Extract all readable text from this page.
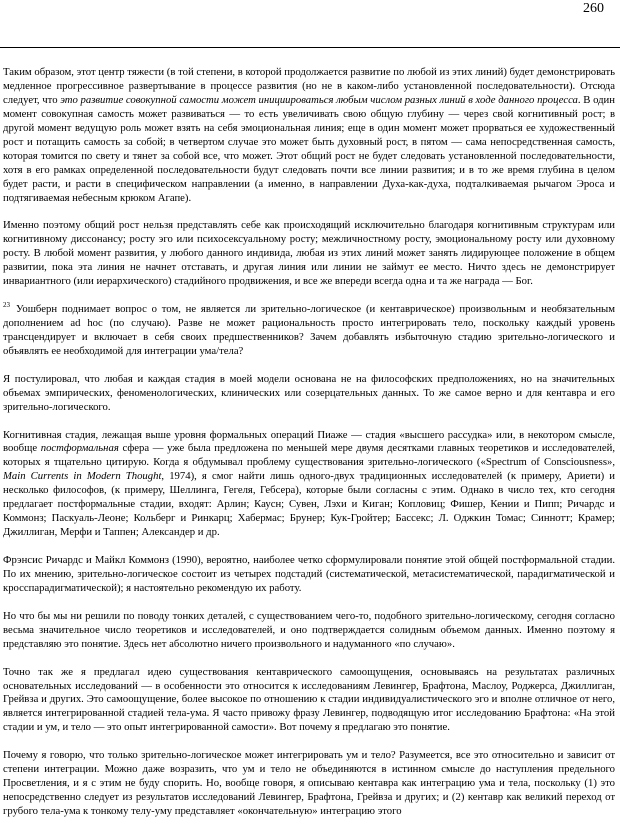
260

Таким образом, этот центр тяжести (в той степени, в которой продолжается развитие по любой из этих линий) будет демонстрировать медленное прогрессивное развертывание в процессе развития (но не в каком-либо установленной последовательности). Отсюда следует, что это развитие совокупной самости может инициироваться любым числом разных линий в ходе данного процесса. В один момент совокупная самость может развиваться — то есть увеличивать свою общую глубину — через свой когнитивный рост; в другой момент ведущую роль может взять на себя эмоциональная линия; еще в один момент может прорваться ее художественный рост и потащить самость за собой; в четвертом случае это может быть духовный рост, в пятом — сама непосредственная самость, которая томится по свету и тянет за собой все, что может. Этот общий рост не будет следовать установленной последовательности, хотя в его рамках определенной последовательности будут следовать почти все линии развития; и в то же время глубина в целом будет расти, и расти в специфическом направлении (а именно, в направлении Духа-как-духа, подталкиваемая рычагом Эроса и подтягиваемая небесным крюком Агапе).

Именно поэтому общий рост нельзя представлять себе как происходящий исключительно благодаря когнитивным структурам или когнитивному диссонансу; росту эго или психосексуальному росту; межличностному росту, эмоциональному росту или духовному росту. В любой момент развития, у любого данного индивида, любая из этих линий может занять лидирующее положение в общем развитии, пока эта линия не начнет отставать, и другая линия или линии не займут ее место. Ничто здесь не демонстрирует инвариантного (или иерархического) стадийного продвижения, и все же впереди всегда одна и та же награда — Бог.

$^{23}$ Уошберн поднимает вопрос о том, не является ли зрительно-логическое (и кентаврическое) произвольным и необязательным дополнением ad hoc (по случаю). Разве не может рациональность просто интегрировать тело, поскольку каждый уровень трансцендирует и включает в себя своих предшественников? Зачем добавлять избыточную стадию зрительно-логического и объявлять ее необходимой для интеграции ума/тела?

Я постулировал, что любая и каждая стадия в моей модели основана не на философских предположениях, но на значительных объемах эмпирических, феноменологических, клинических или созерцательных данных. То же самое верно и для кентавра и его зрительно-логического.

Когнитивная стадия, лежащая выше уровня формальных операций Пиаже — стадия «высшего рассудка» или, в некотором смысле, вообще постформальная сфера — уже была предложена по меньшей мере двумя десятками главных теоретиков и исследователей, которых я тщательно цитирую. Когда я обдумывал проблему существования зрительно-логического («Spectrum of Consciousness», Main Currents in Modern Thought, 1974), я смог найти лишь одного-двух традиционных исследователей (к примеру, Ариети) и несколько философов, (к примеру, Шеллинга, Гегеля, Гебсера), которые были согласны с этим. Однако в число тех, кто сегодня предлагает постформальные стадии, входят: Арлин; Каусн; Сувен, Лэхи и Киган; Копловиц; Фишер, Кении и Пипп; Ричардс и Коммонз; Паскуаль-Леоне; Кольберг и Ринкарц; Хабермас; Брунер; Кук-Гройтер; Бассекс; Л. Оджкин Томас; Синнотт; Крамер; Джиллиган, Мерфи и Таппен; Александер и др.

Фрэнсис Ричардс и Майкл Коммонз (1990), вероятно, наиболее четко сформулировали понятие этой общей постформальной стадии. По их мнению, зрительно-логическое состоит из четырех подстадий (систематической, метасистематической, парадигматической и кросспарадигматической); я настоятельно рекомендую их работу.

Но что бы мы ни решили по поводу тонких деталей, с существованием чего-то, подобного зрительно-логическому, сегодня согласно весьма значительное число теоретиков и исследователей, и оно подтверждается солидным объемом данных. Именно поэтому я представляю это понятие. Здесь нет абсолютно ничего произвольного и надуманного «по случаю».

Точно так же я предлагал идею существования кентаврического самоощущения, основываясь на результатах различных основательных исследований — в особенности это относится к исследованиям Левингер, Брафтона, Маслоу, Роджерса, Джиллиган, Грейвза и других. Это самоощущение, более высокое по отношению к стадии индивидуалистического эго и вполне отличное от него, является интегрированной стадией тела-ума. Я часто привожу фразу Левингер, подводящую итог исследованию Брафтона: «На этой стадии и ум, и тело — это опыт интегрированной самости». Вот почему я предлагаю это понятие.

Почему я говорю, что только зрительно-логическое может интегрировать ум и тело? Разумеется, все это относительно и зависит от степени интеграции. Можно даже возразить, что ум и тело не объединяются в истинном смысле до наступления предельного Просветления, и я с этим не буду спорить. Но, вообще говоря, я описываю кентавра как интеграцию ума и тела, поскольку (1) это непосредственно следует из результатов исследований Левингер, Брафтона, Грейвза и других; и (2) кентавр как великий переход от грубого тела-ума к тонкому телу-уму представляет «окончательную» интеграцию этого
